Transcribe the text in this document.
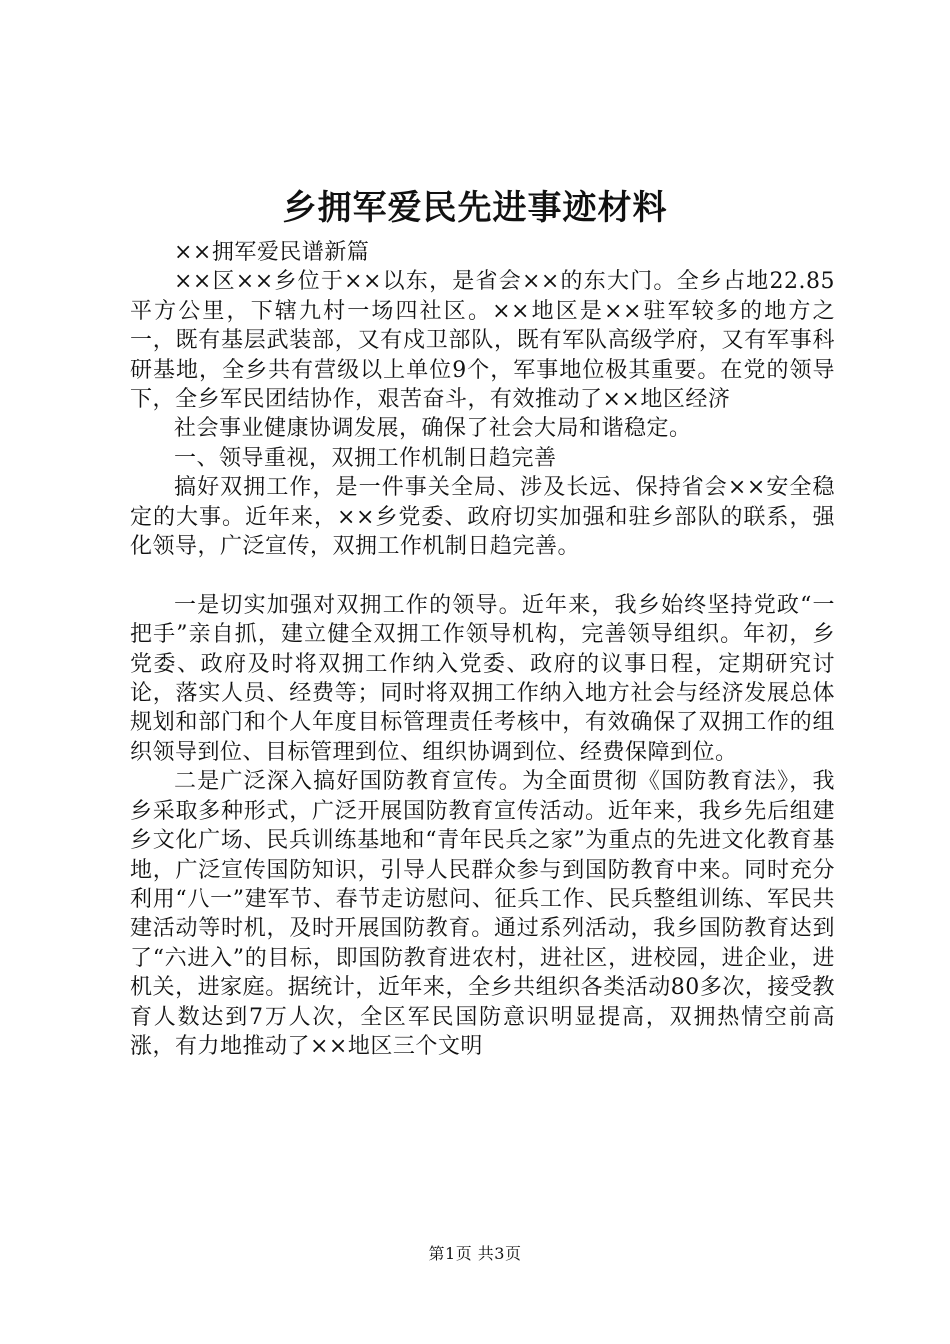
乡拥军爱民先进事迹材料

××拥军爱民谱新篇

××区××乡位于××以东，是省会××的东大门。全乡占地22.85平方公里，下辖九村一场四社区。××地区是××驻军较多的地方之一，既有基层武装部，又有戍卫部队，既有军队高级学府，又有军事科研基地，全乡共有营级以上单位9个，军事地位极其重要。在党的领导下，全乡军民团结协作，艰苦奋斗，有效推动了××地区经济

社会事业健康协调发展，确保了社会大局和谐稳定。

一、领导重视，双拥工作机制日趋完善

搞好双拥工作，是一件事关全局、涉及长远、保持省会××安全稳定的大事。近年来，××乡党委、政府切实加强和驻乡部队的联系，强化领导，广泛宣传，双拥工作机制日趋完善。

一是切实加强对双拥工作的领导。近年来，我乡始终坚持党政“一把手”亲自抓，建立健全双拥工作领导机构，完善领导组织。年初，乡党委、政府及时将双拥工作纳入党委、政府的议事日程，定期研究讨论，落实人员、经费等；同时将双拥工作纳入地方社会与经济发展总体规划和部门和个人年度目标管理责任考核中，有效确保了双拥工作的组织领导到位、目标管理到位、组织协调到位、经费保障到位。

二是广泛深入搞好国防教育宣传。为全面贯彻《国防教育法》，我乡采取多种形式，广泛开展国防教育宣传活动。近年来，我乡先后组建乡文化广场、民兵训练基地和“青年民兵之家”为重点的先进文化教育基地，广泛宣传国防知识，引导人民群众参与到国防教育中来。同时充分利用“八一”建军节、春节走访慰问、征兵工作、民兵整组训练、军民共建活动等时机，及时开展国防教育。通过系列活动，我乡国防教育达到了“六进入”的目标，即国防教育进农村，进社区，进校园，进企业，进机关，进家庭。据统计，近年来，全乡共组织各类活动80多次，接受教育人数达到7万人次，全区军民国防意识明显提高，双拥热情空前高涨，有力地推动了××地区三个文明

第1页 共3页
